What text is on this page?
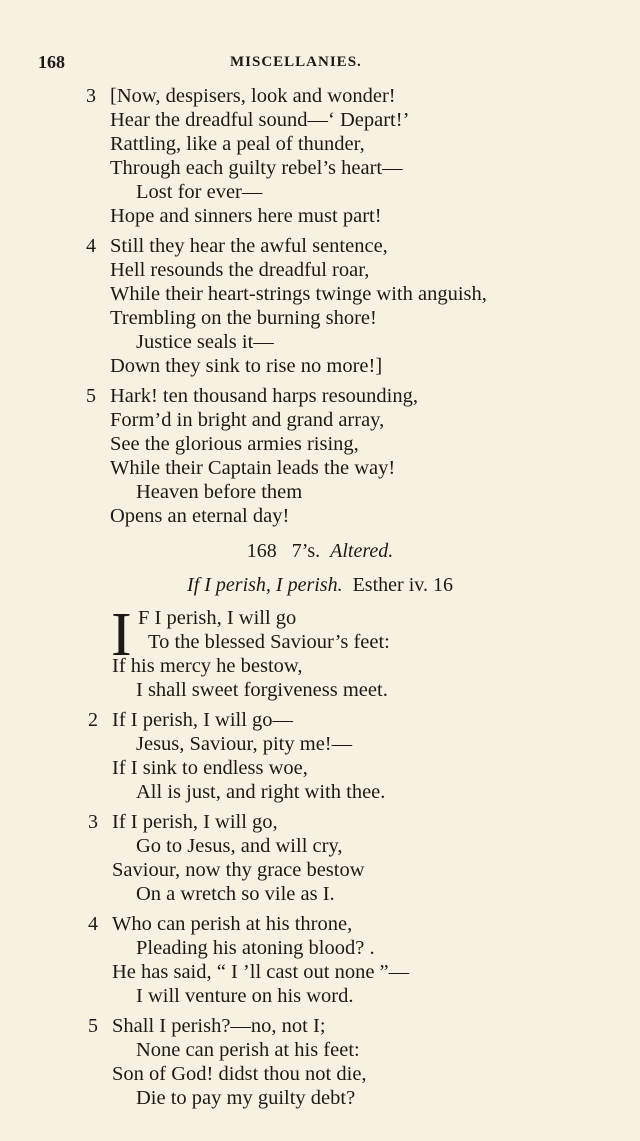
168	MISCELLANIES.
3 [Now, despisers, look and wonder!
Hear the dreadful sound—‘ Depart!’
Rattling, like a peal of thunder,
Through each guilty rebel’s heart—
Lost for ever—
Hope and sinners here must part!
4 Still they hear the awful sentence,
Hell resounds the dreadful roar,
While their heart-strings twinge with anguish,
Trembling on the burning shore!
Justice seals it—
Down they sink to rise no more!]
5 Hark! ten thousand harps resounding,
Form’d in bright and grand array,
See the glorious armies rising,
While their Captain leads the way!
Heaven before them
Opens an eternal day!
168 7’s. Altered.
If I perish, I perish. Esther iv. 16
I F I perish, I will go
To the blessed Saviour’s feet:
If his mercy he bestow,
I shall sweet forgiveness meet.
2 If I perish, I will go—
Jesus, Saviour, pity me!—
If I sink to endless woe,
All is just, and right with thee.
3 If I perish, I will go,
Go to Jesus, and will cry,
Saviour, now thy grace bestow
On a wretch so vile as I.
4 Who can perish at his throne,
Pleading his atoning blood? .
He has said, “ I ’ll cast out none ”—
I will venture on his word.
5 Shall I perish?—no, not I;
None can perish at his feet:
Son of God! didst thou not die,
Die to pay my guilty debt?
